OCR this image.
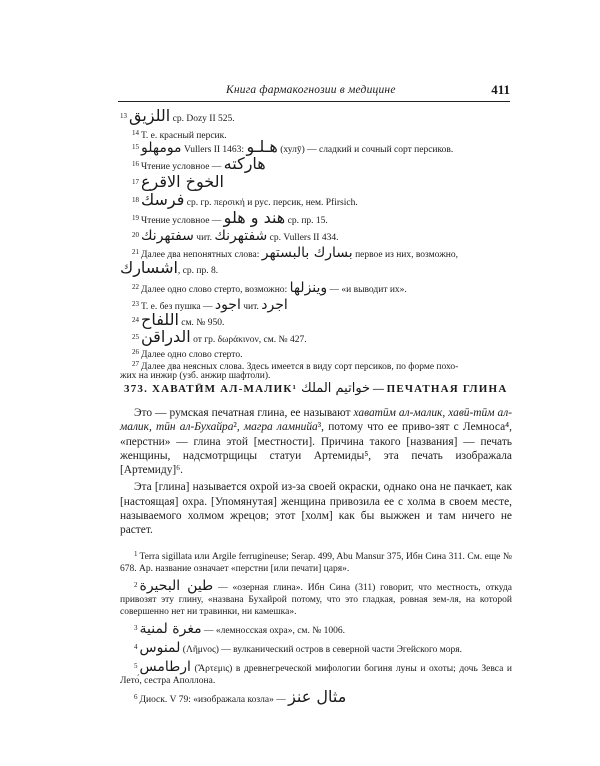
Книга фармакогнозии в медицине	411
$^{13}$ اللزيق ср. Dozy II 525.
$^{14}$ Т. е. красный персик.
$^{15}$ مومهلو Vullers II 1463: هـلـو (хулӯ) — сладкий и сочный сорт персиков.
$^{16}$ Чтение условное — هارکته
$^{17}$ الخوخ الاقرع
$^{18}$ فرسك ср. гр. περσική и рус. персик, нем. Pfirsich.
$^{19}$ Чтение условное — هند و هلو ср. пр. 15.
$^{20}$ سفتهرنك чит. شفتهرنك ср. Vullers II 434.
$^{21}$ Далее два непонятных слова: بسارك بالبستهر первое из них, возможно,
اشسارك, ср. пр. 8.
$^{22}$ Далее одно слово стерто, возможно: وينزلها — «и выводит их».
$^{23}$ Т. е. без пушка — اجود чит. اجرد
$^{24}$ اللفاح см. № 950.
$^{25}$ الدراقن от гр. δωράκινον, см. № 427.
$^{26}$ Далее одно слово стерто.
$^{27}$ Далее два неясных слова. Здесь имеется в виду сорт персиков, по форме похо-
жих на инжир (узб. анжир шафтоли).
373. ХАВАТӢМ АЛ-МАЛИК¹ خواتيم الملك — ПЕЧАТНАЯ ГЛИНА

Это — румская печатная глина, ее называют хаватӣм ал-малик, хавӣ-тӣм ал-малик, тӣн ал-Бухайра², магра ламнийа³, потому что ее приво-зят с Лемноса⁴, «перстни» — глина этой [местности]. Причина такого [названия] — печать женщины, надсмотрщицы статуи Артемиды⁵, эта печать изображала [Артемиду]⁶.

Эта [глина] называется охрой из-за своей окраски, однако она не пачкает, как [настоящая] охра. [Упомянутая] женщина привозила ее с холма в своем месте, называемого холмом жрецов; этот [холм] как бы выжжен и там ничего не растет.

$^1$ Terra sigillata или Argile ferrugineuse; Serap. 499, Abu Mansur 375, Ибн Сина 311. См. еще № 678. Ар. название означает «перстни [или печати] царя».

$^2$ طين البحيرة — «озерная глина». Ибн Сина (311) говорит, что местность, откуда привозят эту глину, «названа Бухайрой потому, что это гладкая, ровная зем-ля, на которой совершенно нет ни травинки, ни камешка».

$^3$ مغرة لمنية — «лемносская охра», см. № 1006.

$^4$ لمنوس (Λῆμνος) — вулканический остров в северной части Эгейского моря.

$^5$ ارطامس (Ἄρτεμις) в древнегреческой мифологии богиня луны и охоты; дочь Зевса и Лето́, сестра Аполлона.

$^6$ Диоск. V 79: «изображала козла» — مثال عنز
